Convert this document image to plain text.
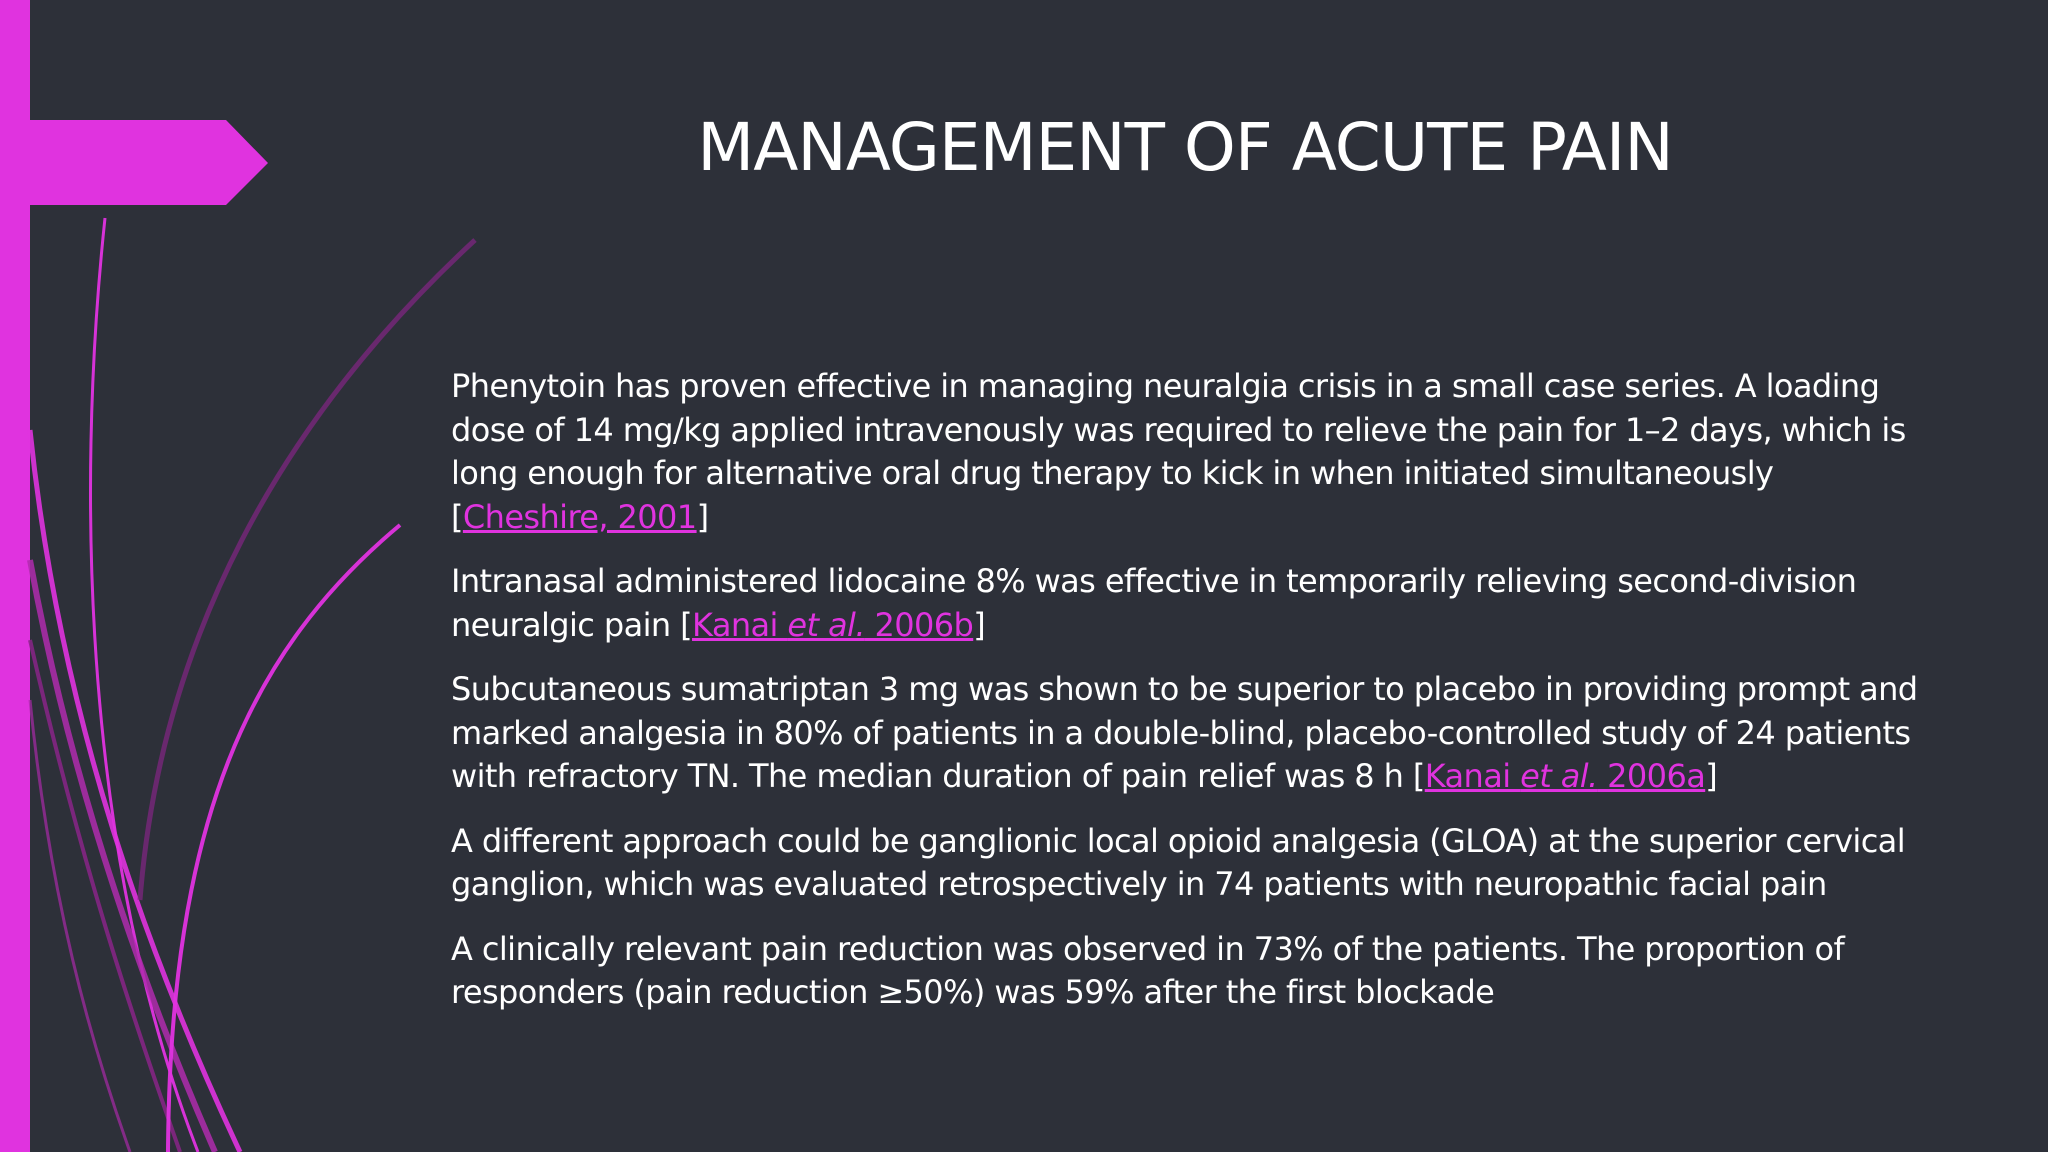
MANAGEMENT OF ACUTE PAIN

Phenytoin has proven effective in managing neuralgia crisis in a small case series. A loading dose of 14 mg/kg applied intravenously was required to relieve the pain for 1–2 days, which is long enough for alternative oral drug therapy to kick in when initiated simultaneously [Cheshire, 2001]

Intranasal administered lidocaine 8% was effective in temporarily relieving second-division neuralgic pain [Kanai et al. 2006b]

Subcutaneous sumatriptan 3 mg was shown to be superior to placebo in providing prompt and marked analgesia in 80% of patients in a double-blind, placebo-controlled study of 24 patients with refractory TN. The median duration of pain relief was 8 h [Kanai et al. 2006a]

A different approach could be ganglionic local opioid analgesia (GLOA) at the superior cervical ganglion, which was evaluated retrospectively in 74 patients with neuropathic facial pain

A clinically relevant pain reduction was observed in 73% of the patients. The proportion of responders (pain reduction ≥50%) was 59% after the first blockade
